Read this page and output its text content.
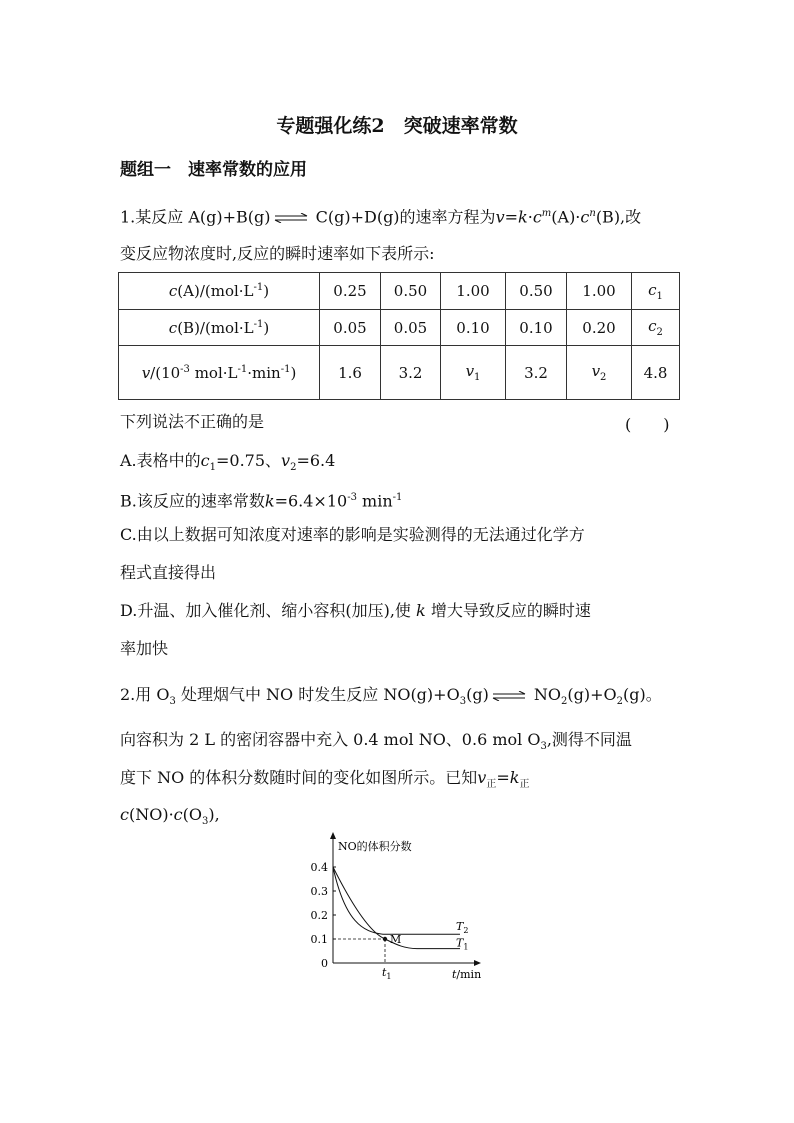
专题强化练2　突破速率常数
题组一　速率常数的应用
1.某反应 A(g)+B(g) ⇌ C(g)+D(g)的速率方程为$v=k\cdot c^m(A)\cdot c^n(B)$,改
变反应物浓度时,反应的瞬时速率如下表所示:
$c(A)/(mol\cdot L^{-1})$	0.25	0.50	1.00	0.50	1.00	$c_1$
$c(B)/(mol\cdot L^{-1})$	0.05	0.05	0.10	0.10	0.20	$c_2$
$v/(10^{-3}$ $mol\cdot L^{-1}\cdot\min^{-1}$)	1.6	3.2	$v_1$	3.2	$v_2$	4.8
下列说法不正确的是	(　　)
A.表格中的$c_1=0.75$、$v_2=6.4$
B.该反应的速率常数$k=6.4\times 10^{-3}$ $\min^{-1}$
C.由以上数据可知浓度对速率的影响是实验测得的无法通过化学方
程式直接得出
D.升温、加入催化剂、缩小容积(加压),使 k 增大导致反应的瞬时速
率加快
2.用 $O_3$ 处理烟气中 NO 时发生反应 $NO(g)+O_3(g)$ ⇌ $NO_2(g)+O_2(g)$。
向容积为 2 L 的密闭容器中充入 0.4 mol NO、0.6 mol $O_3$,测得不同温
度下 NO 的体积分数随时间的变化如图所示。已知$v_正=k_正$
$c(NO)\cdot c(O_3)$,
NO的体积分数
0.4
0.3
0.2
0.1
0
M
$T_2$
$T_1$
$t_1$	t/min
